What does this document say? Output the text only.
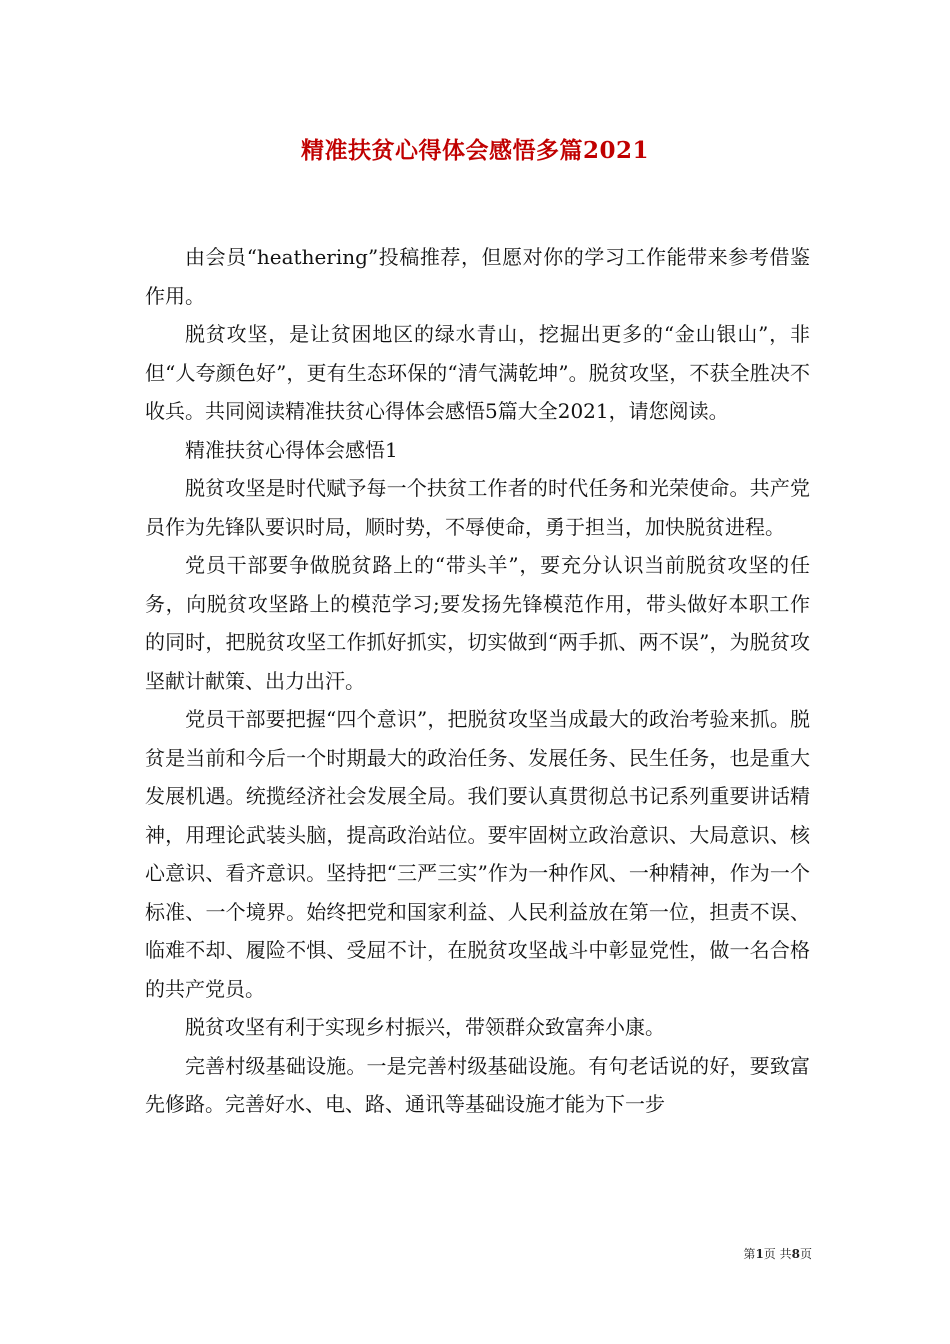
精准扶贫心得体会感悟多篇2021

由会员“heathering”投稿推荐，但愿对你的学习工作能带来参考借鉴作用。

脱贫攻坚，是让贫困地区的绿水青山，挖掘出更多的“金山银山”，非但“人夸颜色好”，更有生态环保的“清气满乾坤”。脱贫攻坚，不获全胜决不收兵。共同阅读精准扶贫心得体会感悟5篇大全2021，请您阅读。

精准扶贫心得体会感悟1

脱贫攻坚是时代赋予每一个扶贫工作者的时代任务和光荣使命。共产党员作为先锋队要识时局，顺时势，不辱使命，勇于担当，加快脱贫进程。

党员干部要争做脱贫路上的“带头羊”，要充分认识当前脱贫攻坚的任务，向脱贫攻坚路上的模范学习;要发扬先锋模范作用，带头做好本职工作的同时，把脱贫攻坚工作抓好抓实，切实做到“两手抓、两不误”，为脱贫攻坚献计献策、出力出汗。

党员干部要把握“四个意识”，把脱贫攻坚当成最大的政治考验来抓。脱贫是当前和今后一个时期最大的政治任务、发展任务、民生任务，也是重大发展机遇。统揽经济社会发展全局。我们要认真贯彻总书记系列重要讲话精神，用理论武装头脑，提高政治站位。要牢固树立政治意识、大局意识、核心意识、看齐意识。坚持把“三严三实”作为一种作风、一种精神，作为一个标准、一个境界。始终把党和国家利益、人民利益放在第一位，担责不误、临难不却、履险不惧、受屈不计，在脱贫攻坚战斗中彰显党性，做一名合格的共产党员。

脱贫攻坚有利于实现乡村振兴，带领群众致富奔小康。

完善村级基础设施。一是完善村级基础设施。有句老话说的好，要致富先修路。完善好水、电、路、通讯等基础设施才能为下一步

第1页 共8页
